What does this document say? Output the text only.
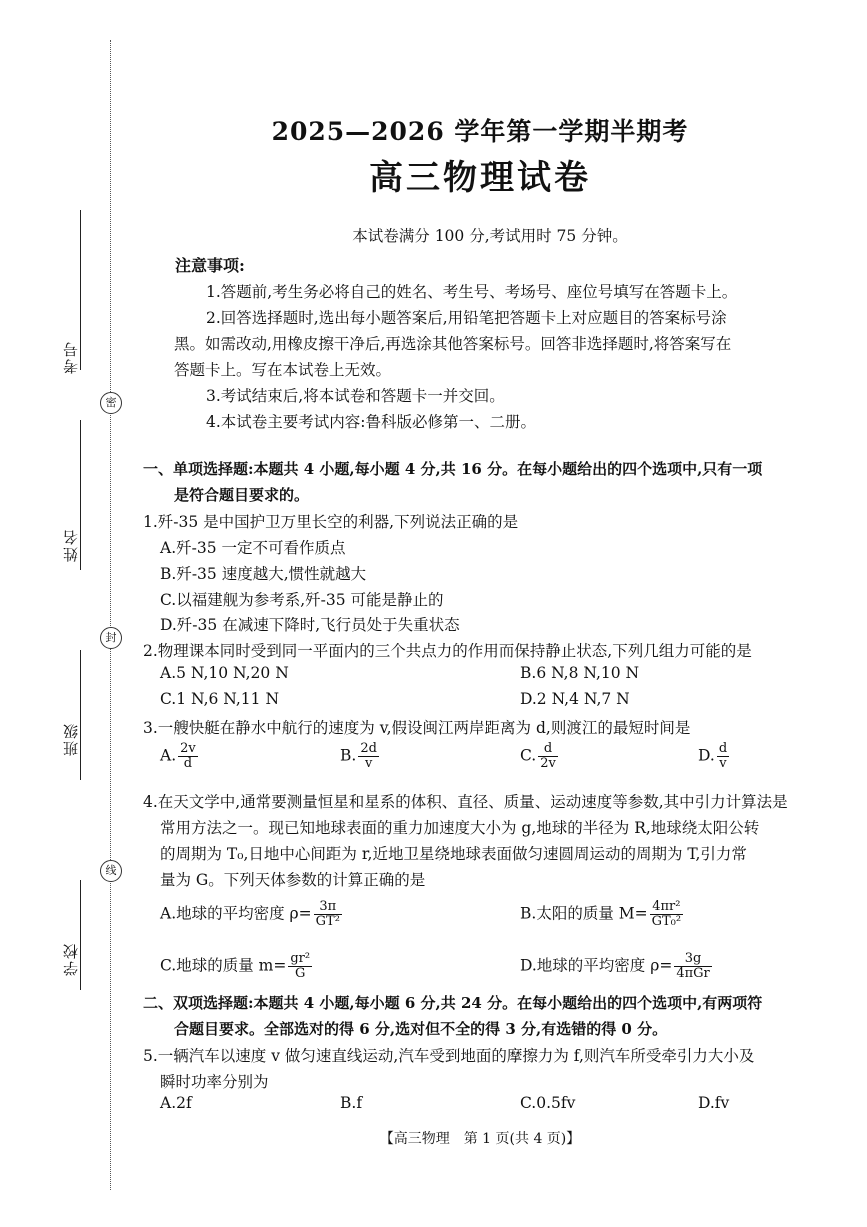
考号
密
姓名
封
班级
线
学校
2025—2026 学年第一学期半期考
高三物理试卷
本试卷满分 100 分,考试用时 75 分钟。
注意事项:
1.答题前,考生务必将自己的姓名、考生号、考场号、座位号填写在答题卡上。
2.回答选择题时,选出每小题答案后,用铅笔把答题卡上对应题目的答案标号涂
黑。如需改动,用橡皮擦干净后,再选涂其他答案标号。回答非选择题时,将答案写在
答题卡上。写在本试卷上无效。
3.考试结束后,将本试卷和答题卡一并交回。
4.本试卷主要考试内容:鲁科版必修第一、二册。
一、单项选择题:本题共 4 小题,每小题 4 分,共 16 分。在每小题给出的四个选项中,只有一项
是符合题目要求的。
1.歼-35 是中国护卫万里长空的利器,下列说法正确的是
A.歼-35 一定不可看作质点
B.歼-35 速度越大,惯性就越大
C.以福建舰为参考系,歼-35 可能是静止的
D.歼-35 在减速下降时,飞行员处于失重状态
2.物理课本同时受到同一平面内的三个共点力的作用而保持静止状态,下列几组力可能的是
A.5 N,10 N,20 N	B.6 N,8 N,10 N
C.1 N,6 N,11 N	D.2 N,4 N,7 N
3.一艘快艇在静水中航行的速度为 v,假设闽江两岸距离为 d,则渡江的最短时间是
A. $\frac{2v}{d}$	B. $\frac{2d}{v}$	C. $\frac{d}{2v}$	D. $\frac{d}{v}$
4.在天文学中,通常要测量恒星和星系的体积、直径、质量、运动速度等参数,其中引力计算法是
常用方法之一。现已知地球表面的重力加速度大小为 g,地球的半径为 R,地球绕太阳公转
的周期为 T₀,日地中心间距为 r,近地卫星绕地球表面做匀速圆周运动的周期为 T,引力常
量为 G。下列天体参数的计算正确的是
A.地球的平均密度 $\rho= \frac{3\pi}{\text{GT²}}$	B.太阳的质量 $M= \frac{\text{4πr²}}{\text{GT₀²}}$
C.地球的质量 $m= \frac{\text{gr²}}{G}$	D.地球的平均密度 $\rho= \frac{3g}{\text{4πGr}}$
二、双项选择题:本题共 4 小题,每小题 6 分,共 24 分。在每小题给出的四个选项中,有两项符
合题目要求。全部选对的得 6 分,选对但不全的得 3 分,有选错的得 0 分。
5.一辆汽车以速度 v 做匀速直线运动,汽车受到地面的摩擦力为 f,则汽车所受牵引力大小及
瞬时功率分别为
A.2f	B.f	C.0.5fv	D.fv
【高三物理　第 1 页(共 4 页)】
